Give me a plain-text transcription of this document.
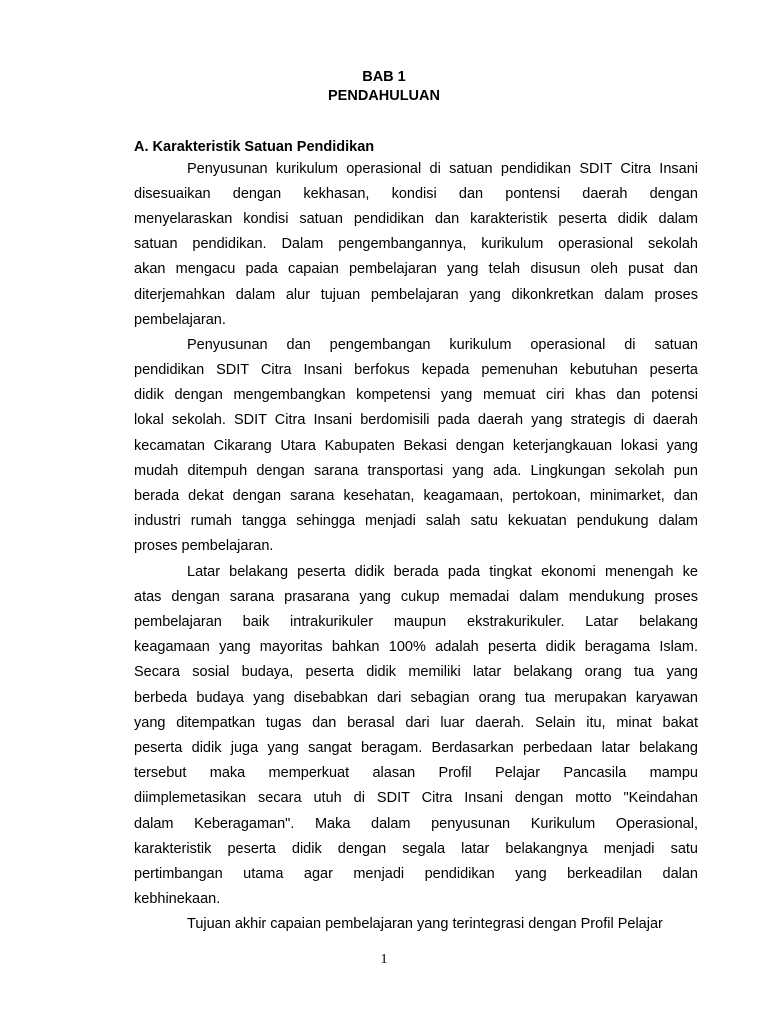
BAB 1
PENDAHULUAN
A. Karakteristik Satuan Pendidikan
Penyusunan kurikulum operasional di satuan pendidikan SDIT Citra Insani
disesuaikan dengan kekhasan, kondisi dan pontensi daerah dengan
menyelaraskan kondisi satuan pendidikan dan karakteristik peserta didik dalam
satuan pendidikan. Dalam pengembangannya, kurikulum operasional sekolah
akan mengacu pada capaian pembelajaran yang telah disusun oleh pusat dan
diterjemahkan dalam alur tujuan pembelajaran yang dikonkretkan dalam proses
pembelajaran.
Penyusunan dan pengembangan kurikulum operasional di satuan
pendidikan SDIT Citra Insani berfokus kepada pemenuhan kebutuhan peserta
didik dengan mengembangkan kompetensi yang memuat ciri khas dan potensi
lokal sekolah. SDIT Citra Insani berdomisili pada daerah yang strategis di daerah
kecamatan Cikarang Utara Kabupaten Bekasi dengan keterjangkauan lokasi yang
mudah ditempuh dengan sarana transportasi yang ada. Lingkungan sekolah pun
berada dekat dengan sarana kesehatan, keagamaan, pertokoan, minimarket, dan
industri rumah tangga sehingga menjadi salah satu kekuatan pendukung dalam
proses pembelajaran.
Latar belakang peserta didik berada pada tingkat ekonomi menengah ke
atas dengan sarana prasarana yang cukup memadai dalam mendukung proses
pembelajaran baik intrakurikuler maupun ekstrakurikuler. Latar belakang
keagamaan yang mayoritas bahkan 100% adalah peserta didik beragama Islam.
Secara sosial budaya, peserta didik memiliki latar belakang orang tua yang
berbeda budaya yang disebabkan dari sebagian orang tua merupakan karyawan
yang ditempatkan tugas dan berasal dari luar daerah. Selain itu, minat bakat
peserta didik juga yang sangat beragam. Berdasarkan perbedaan latar belakang
tersebut maka memperkuat alasan Profil Pelajar Pancasila mampu
diimplemetasikan secara utuh di SDIT Citra Insani dengan motto "Keindahan
dalam Keberagaman". Maka dalam penyusunan Kurikulum Operasional,
karakteristik peserta didik dengan segala latar belakangnya menjadi satu
pertimbangan utama agar menjadi pendidikan yang berkeadilan dalan
kebhinekaan.
Tujuan akhir capaian pembelajaran yang terintegrasi dengan Profil Pelajar
1
